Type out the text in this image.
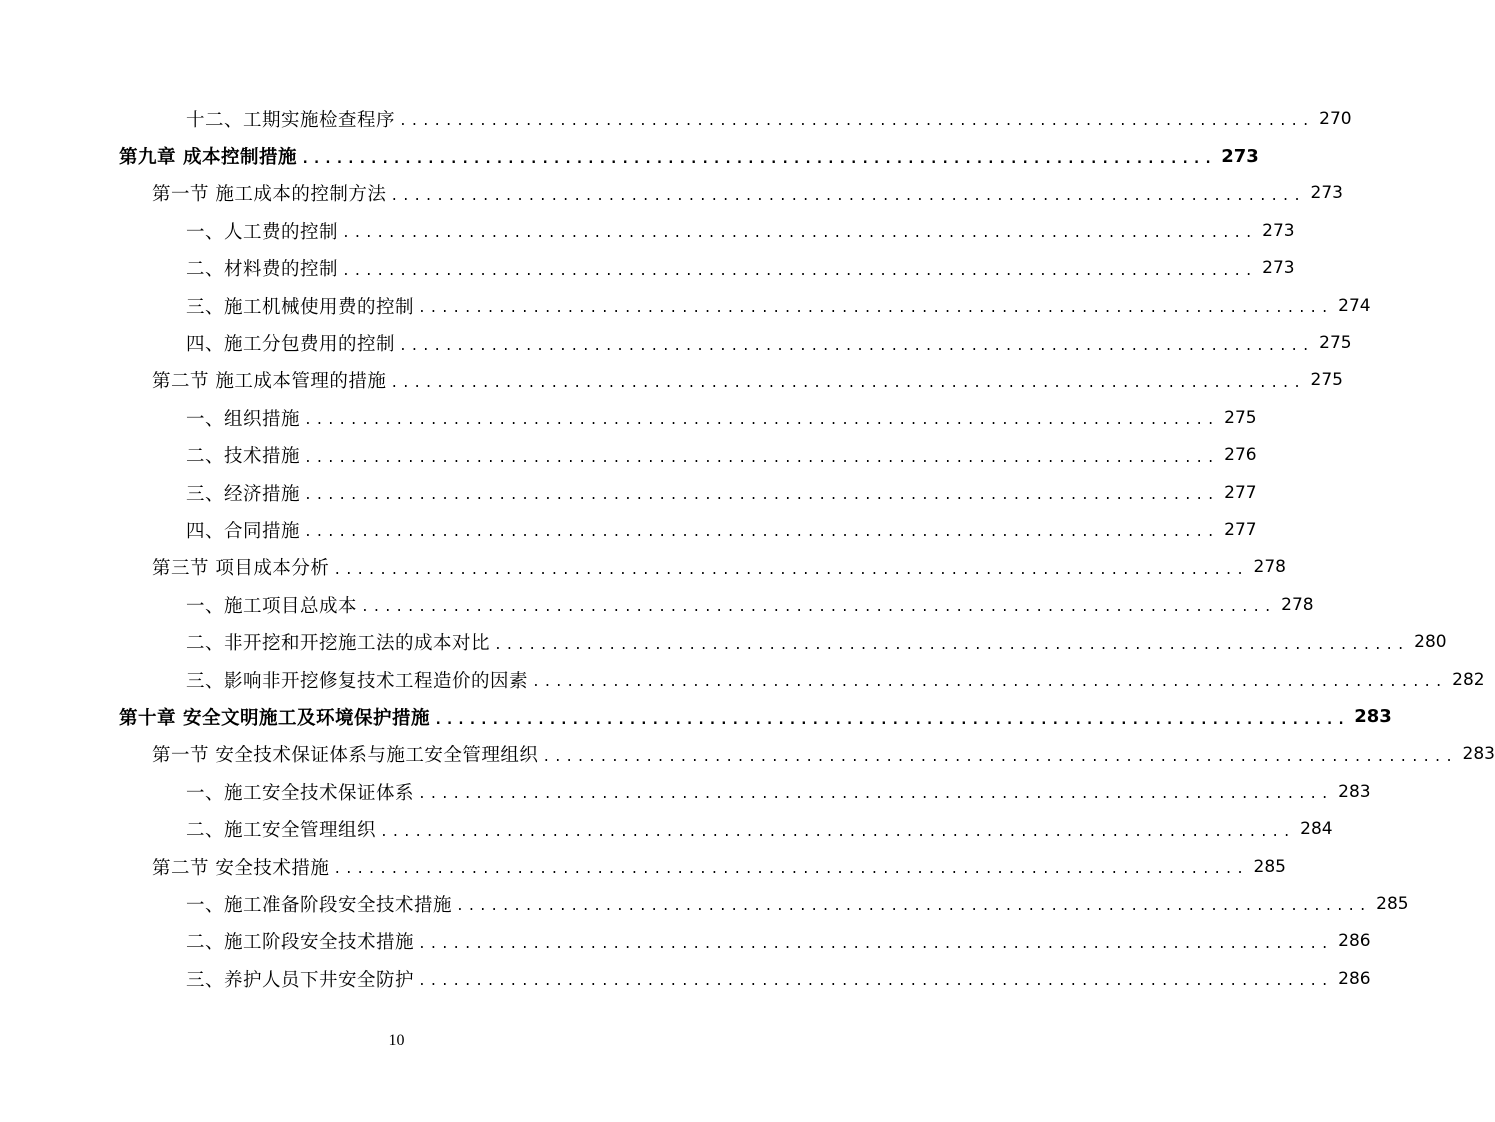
十二、工期实施检查程序 ................................................................................ 270
第九章 成本控制措施 ................................................................................ 273
第一节 施工成本的控制方法 ................................................................................ 273
一、人工费的控制 ................................................................................ 273
二、材料费的控制 ................................................................................ 273
三、施工机械使用费的控制 ................................................................................ 274
四、施工分包费用的控制 ................................................................................ 275
第二节 施工成本管理的措施 ................................................................................ 275
一、组织措施 ................................................................................ 275
二、技术措施 ................................................................................ 276
三、经济措施 ................................................................................ 277
四、合同措施 ................................................................................ 277
第三节 项目成本分析 ................................................................................ 278
一、施工项目总成本 ................................................................................ 278
二、非开挖和开挖施工法的成本对比 ................................................................................ 280
三、影响非开挖修复技术工程造价的因素 ................................................................................ 282
第十章 安全文明施工及环境保护措施 ................................................................................ 283
第一节 安全技术保证体系与施工安全管理组织 ................................................................................ 283
一、施工安全技术保证体系 ................................................................................ 283
二、施工安全管理组织 ................................................................................ 284
第二节 安全技术措施 ................................................................................ 285
一、施工准备阶段安全技术措施 ................................................................................ 285
二、施工阶段安全技术措施 ................................................................................ 286
三、养护人员下井安全防护 ................................................................................ 286
10
